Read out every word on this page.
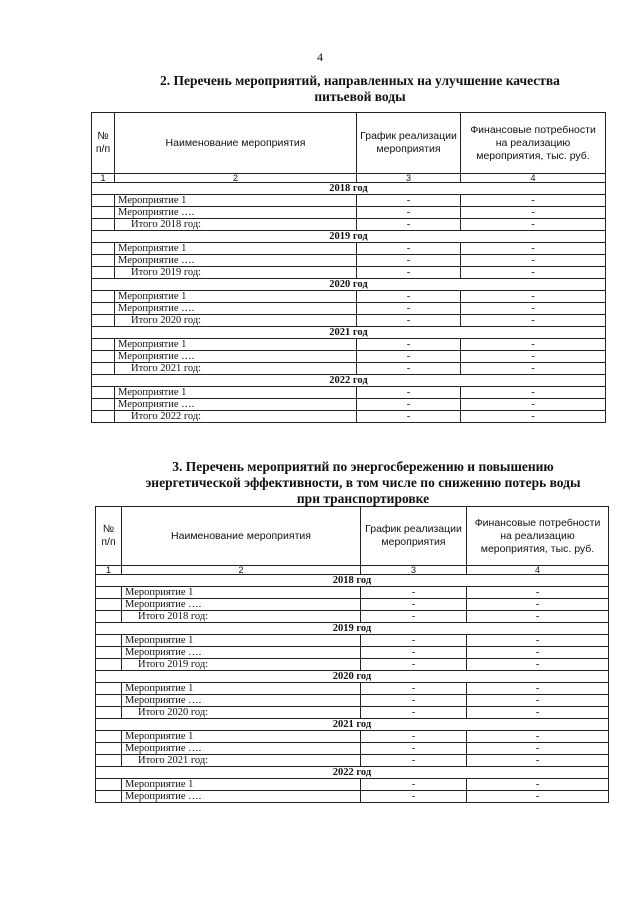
4
2. Перечень мероприятий, направленных на улучшение качества
питьевой воды
№ п/п	Наименование мероприятия	График реализации мероприятия	Финансовые потребности на реализацию мероприятия, тыс. руб.
1	2	3	4
2018 год			
	Мероприятие 1	-	-
	Мероприятие ….	-	-
	Итого 2018 год:	-	-
2019 год			
	Мероприятие 1	-	-
	Мероприятие ….	-	-
	Итого 2019 год:	-	-
2020 год			
	Мероприятие 1	-	-
	Мероприятие ….	-	-
	Итого 2020 год:	-	-
2021 год			
	Мероприятие 1	-	-
	Мероприятие ….	-	-
	Итого 2021 год:	-	-
2022 год			
	Мероприятие 1	-	-
	Мероприятие ….	-	-
	Итого 2022 год:	-	-
3. Перечень мероприятий по энергосбережению и повышению
энергетической эффективности, в том числе по снижению потерь воды
при транспортировке
№ п/п	Наименование мероприятия	График реализации мероприятия	Финансовые потребности на реализацию мероприятия, тыс. руб.
1	2	3	4
2018 год			
	Мероприятие 1	-	-
	Мероприятие ….	-	-
	Итого 2018 год:	-	-
2019 год			
	Мероприятие 1	-	-
	Мероприятие ….	-	-
	Итого 2019 год:	-	-
2020 год			
	Мероприятие 1	-	-
	Мероприятие ….	-	-
	Итого 2020 год:	-	-
2021 год			
	Мероприятие 1	-	-
	Мероприятие ….	-	-
	Итого 2021 год:	-	-
2022 год			
	Мероприятие 1	-	-
	Мероприятие ….	-	-
